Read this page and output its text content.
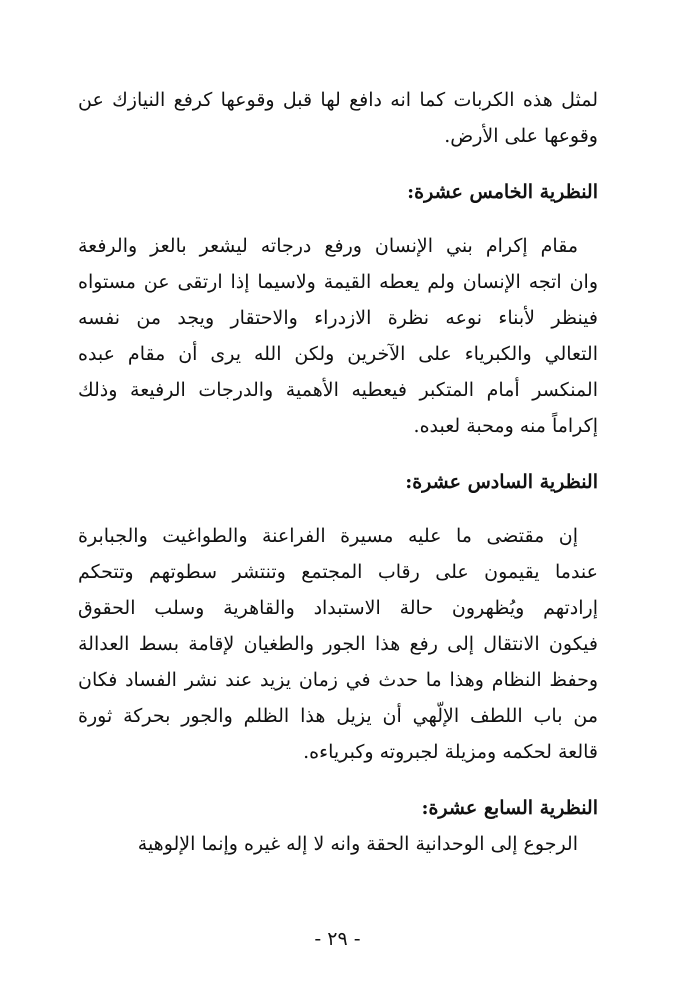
لمثل هذه الكربات كما انه دافع لها قبل وقوعها كرفع النيازك عن
وقوعها على الأرض.
النظرية الخامس عشرة:
مقام إكرام بني الإنسان ورفع درجاته ليشعر بالعز والرفعة
وان اتجه الإنسان ولم يعطه القيمة ولاسيما إذا ارتقى عن مستواه
فينظر لأبناء نوعه نظرة الازدراء والاحتقار ويجد من نفسه
التعالي والكبرياء على الآخرين ولكن الله يرى أن مقام عبده
المنكسر أمام المتكبر فيعطيه الأهمية والدرجات الرفيعة وذلك
إكراماً منه ومحبة لعبده.
النظرية السادس عشرة:
إن مقتضى ما عليه مسيرة الفراعنة والطواغيت والجبابرة
عندما يقيمون على رقاب المجتمع وتنتشر سطوتهم وتتحكم
إرادتهم ويُظهرون حالة الاستبداد والقاهرية وسلب الحقوق
فيكون الانتقال إلى رفع هذا الجور والطغيان لإقامة بسط العدالة
وحفظ النظام وهذا ما حدث في زمان يزيد عند نشر الفساد فكان
من باب اللطف الإلّهي أن يزيل هذا الظلم والجور بحركة ثورة
قالعة لحكمه ومزيلة لجبروته وكبرياءه.
النظرية السابع عشرة:
الرجوع إلى الوحدانية الحقة وانه لا إله غيره وإنما الإلوهية
- ٢٩ -
